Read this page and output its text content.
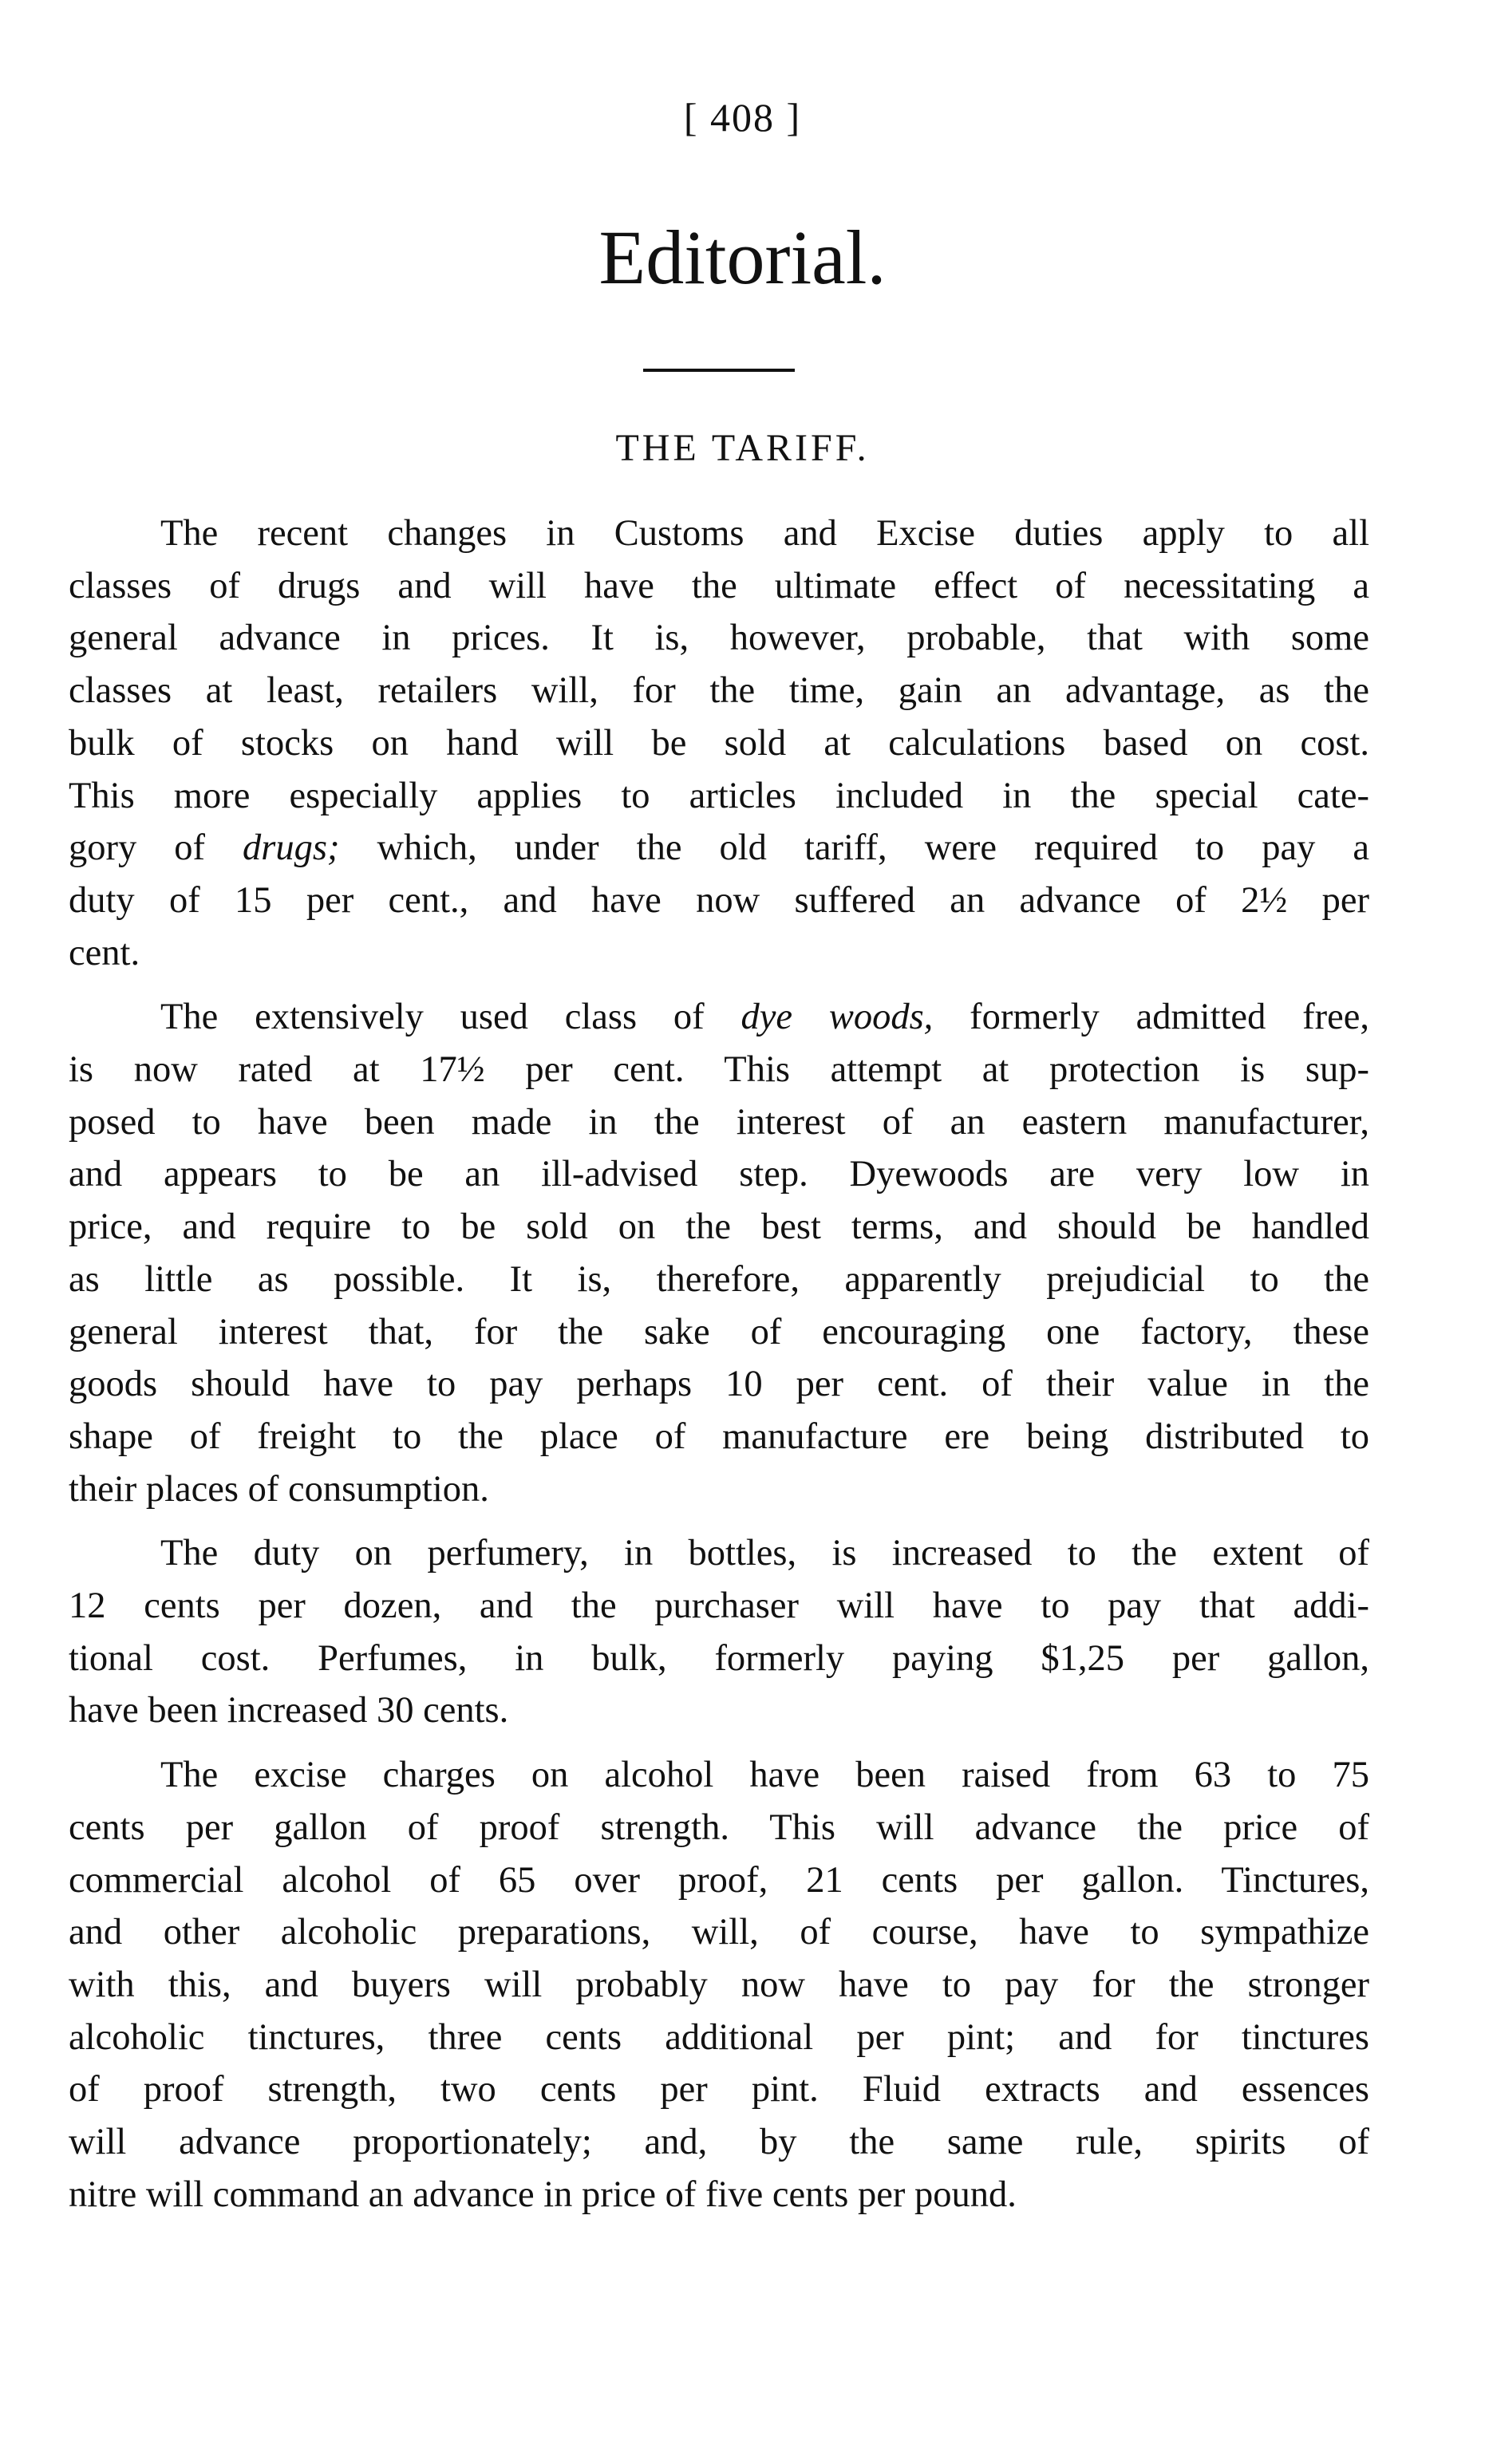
[ 408 ]
Editorial.
THE TARIFF.
The recent changes in Customs and Excise duties apply to all
classes of drugs and will have the ultimate effect of necessitating a
general advance in prices. It is, however, probable, that with some
classes at least, retailers will, for the time, gain an advantage, as the
bulk of stocks on hand will be sold at calculations based on cost.
This more especially applies to articles included in the special cate-
gory of drugs; which, under the old tariff, were required to pay a
duty of 15 per cent., and have now suffered an advance of 2½ per
cent.
The extensively used class of dye woods, formerly admitted free,
is now rated at 17½ per cent. This attempt at protection is sup-
posed to have been made in the interest of an eastern manufacturer,
and appears to be an ill-advised step. Dyewoods are very low in
price, and require to be sold on the best terms, and should be handled
as little as possible. It is, therefore, apparently prejudicial to the
general interest that, for the sake of encouraging one factory, these
goods should have to pay perhaps 10 per cent. of their value in the
shape of freight to the place of manufacture ere being distributed to
their places of consumption.
The duty on perfumery, in bottles, is increased to the extent of
12 cents per dozen, and the purchaser will have to pay that addi-
tional cost. Perfumes, in bulk, formerly paying $1,25 per gallon,
have been increased 30 cents.
The excise charges on alcohol have been raised from 63 to 75
cents per gallon of proof strength. This will advance the price of
commercial alcohol of 65 over proof, 21 cents per gallon. Tinctures,
and other alcoholic preparations, will, of course, have to sympathize
with this, and buyers will probably now have to pay for the stronger
alcoholic tinctures, three cents additional per pint; and for tinctures
of proof strength, two cents per pint. Fluid extracts and essences
will advance proportionately; and, by the same rule, spirits of
nitre will command an advance in price of five cents per pound.
